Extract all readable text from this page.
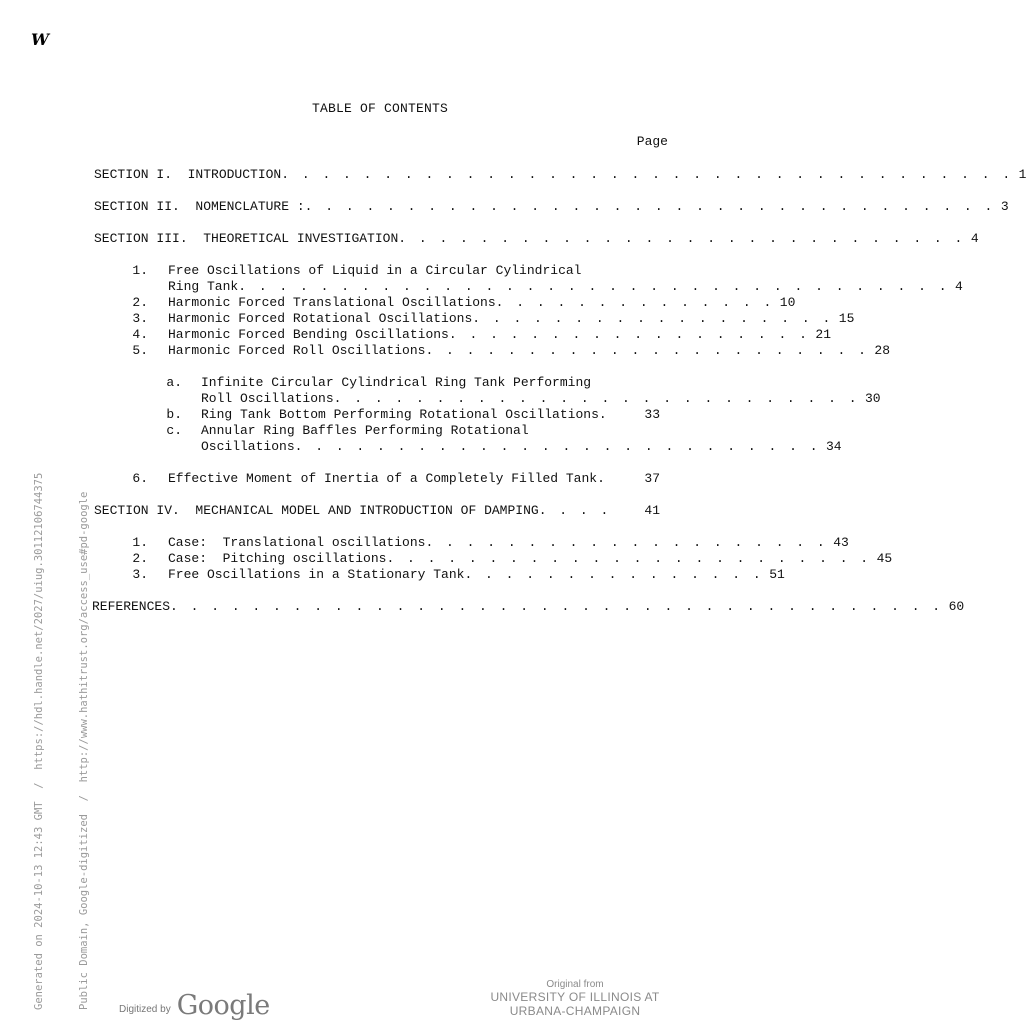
W
TABLE OF CONTENTS
Page
SECTION I.  INTRODUCTION . . . . . . . . . . . . . . . . . . . . . . . . . . . . . . . . . . . . 1
SECTION II.  NOMENCLATURE : . . . . . . . . . . . . . . . . . . . . . . . . . . . . . . . . . . 3
SECTION III.  THEORETICAL INVESTIGATION . . . . . . . . . . . . . . . . . . . . . . . . . . . . 4
1. Free Oscillations of Liquid in a Circular Cylindrical
Ring Tank . . . . . . . . . . . . . . . . . . . . . . . . . . . . . . . . . . . 4
2. Harmonic Forced Translational Oscillations . . . . . . . . . . . . . . 10
3. Harmonic Forced Rotational Oscillations . . . . . . . . . . . . . . . . . . 15
4. Harmonic Forced Bending Oscillations . . . . . . . . . . . . . . . . . . 21
5. Harmonic Forced Roll Oscillations . . . . . . . . . . . . . . . . . . . . . . 28
a. Infinite Circular Cylindrical Ring Tank Performing
Roll Oscillations . . . . . . . . . . . . . . . . . . . . . . . . . . 30
b. Ring Tank Bottom Performing Rotational Oscillations.	33
c. Annular Ring Baffles Performing Rotational
Oscillations . . . . . . . . . . . . . . . . . . . . . . . . . . 34
6. Effective Moment of Inertia of a Completely Filled Tank.	37
SECTION IV.  MECHANICAL MODEL AND INTRODUCTION OF DAMPING . . . .	41
1. Case:  Translational oscillations . . . . . . . . . . . . . . . . . . . . 43
2. Case:  Pitching oscillations . . . . . . . . . . . . . . . . . . . . . . . . 45
3. Free Oscillations in a Stationary Tank . . . . . . . . . . . . . . . 51
REFERENCES . . . . . . . . . . . . . . . . . . . . . . . . . . . . . . . . . . . . . . 60

Generated on 2024-10-13 12:43 GMT  /  https://hdl.handle.net/2027/uiug.30112106744375

	Public Domain, Google-digitized  /  http://www.hathitrust.org/access_use#pd-google	Digitized by Google
Original from
UNIVERSITY OF ILLINOIS AT
URBANA-CHAMPAIGN
